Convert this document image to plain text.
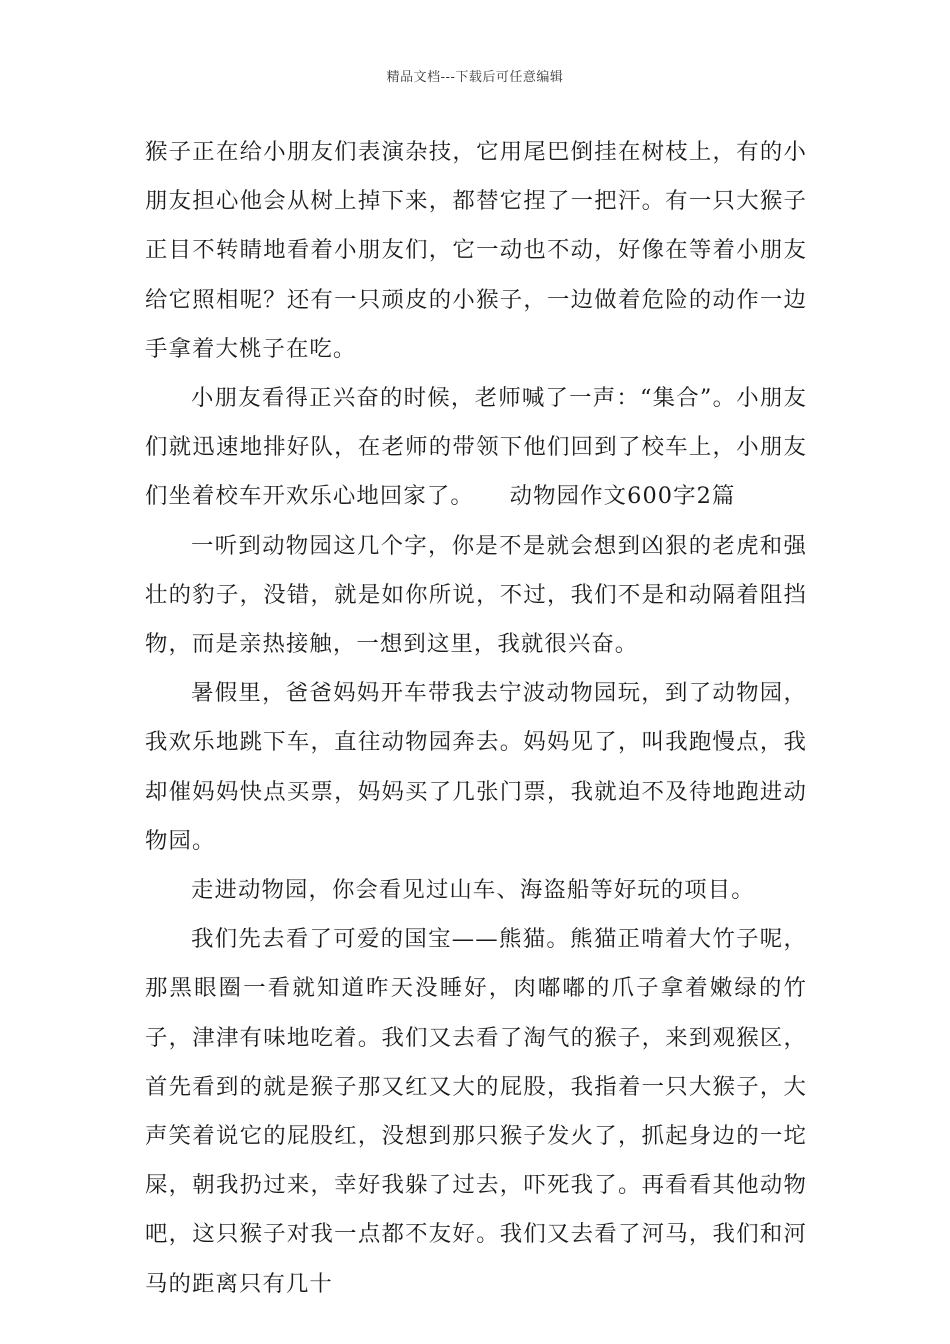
精品文档---下载后可任意编辑

猴子正在给小朋友们表演杂技，它用尾巴倒挂在树枝上，有的小朋友担心他会从树上掉下来，都替它捏了一把汗。有一只大猴子正目不转睛地看着小朋友们，它一动也不动，好像在等着小朋友给它照相呢？还有一只顽皮的小猴子，一边做着危险的动作一边手拿着大桃子在吃。

小朋友看得正兴奋的时候，老师喊了一声：“集合”。小朋友们就迅速地排好队，在老师的带领下他们回到了校车上，小朋友们坐着校车开欢乐心地回家了。　　动物园作文600字2篇

一听到动物园这几个字，你是不是就会想到凶狠的老虎和强壮的豹子，没错，就是如你所说，不过，我们不是和动隔着阻挡物，而是亲热接触，一想到这里，我就很兴奋。

暑假里，爸爸妈妈开车带我去宁波动物园玩，到了动物园，我欢乐地跳下车，直往动物园奔去。妈妈见了，叫我跑慢点，我却催妈妈快点买票，妈妈买了几张门票，我就迫不及待地跑进动物园。

走进动物园，你会看见过山车、海盗船等好玩的项目。

我们先去看了可爱的国宝——熊猫。熊猫正啃着大竹子呢，那黑眼圈一看就知道昨天没睡好，肉嘟嘟的爪子拿着嫩绿的竹子，津津有味地吃着。我们又去看了淘气的猴子，来到观猴区，首先看到的就是猴子那又红又大的屁股，我指着一只大猴子，大声笑着说它的屁股红，没想到那只猴子发火了，抓起身边的一坨屎，朝我扔过来，幸好我躲了过去，吓死我了。再看看其他动物吧，这只猴子对我一点都不友好。我们又去看了河马，我们和河马的距离只有几十
